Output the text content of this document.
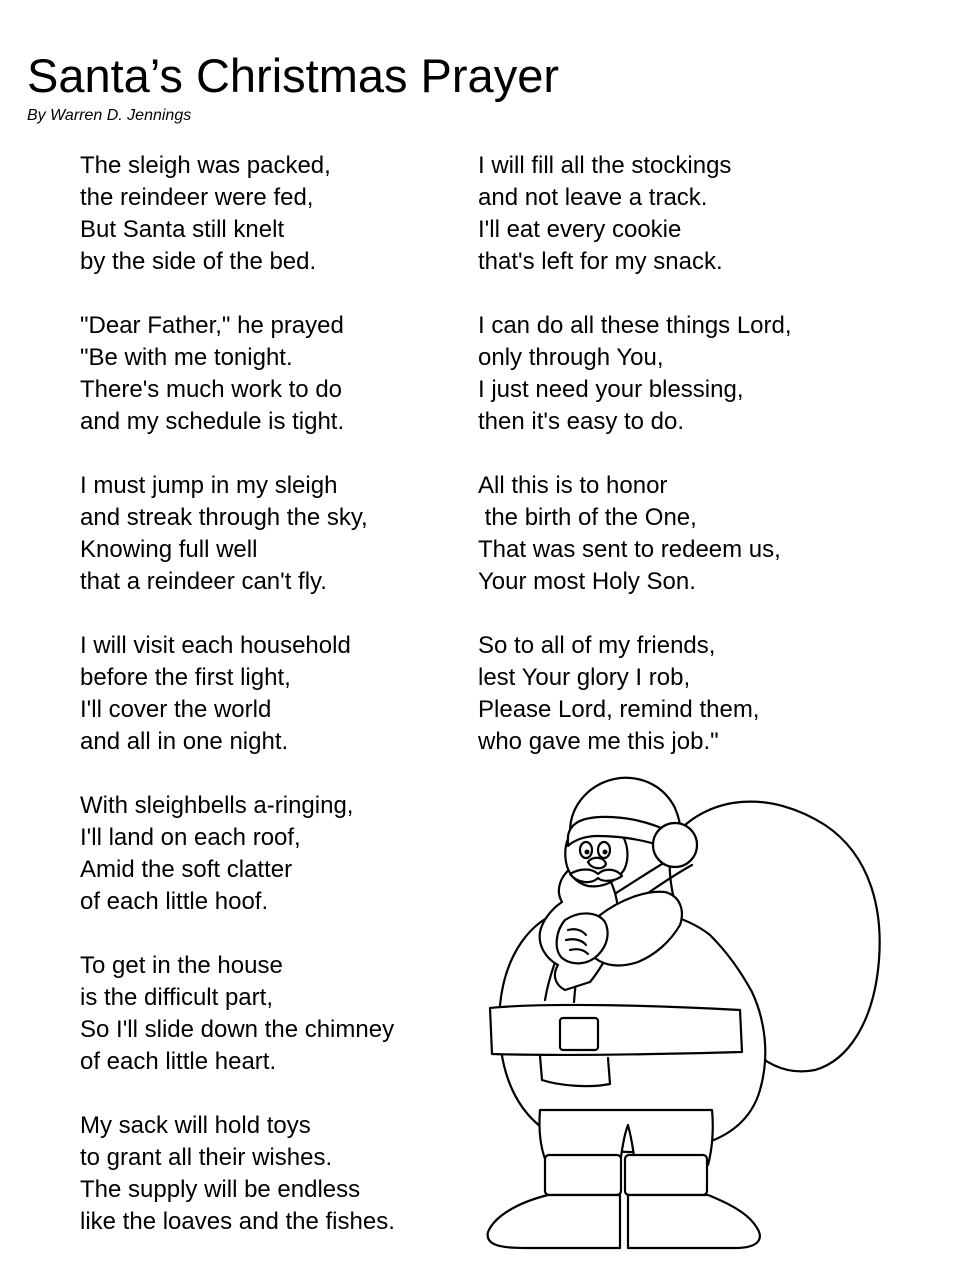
Santa’s Christmas Prayer
By Warren D. Jennings
The sleigh was packed,
the reindeer were fed,
But Santa still knelt
by the side of the bed.
"Dear Father," he prayed
"Be with me tonight.
There's much work to do
and my schedule is tight.
I must jump in my sleigh
and streak through the sky,
Knowing full well
that a reindeer can't fly.
I will visit each household
before the first light,
I'll cover the world
and all in one night.
With sleighbells a-ringing,
I'll land on each roof,
Amid the soft clatter
of each little hoof.
To get in the house
is the difficult part,
So I'll slide down the chimney
of each little heart.
My sack will hold toys
to grant all their wishes.
The supply will be endless
like the loaves and the fishes.
I will fill all the stockings
and not leave a track.
I'll eat every cookie
that's left for my snack.
I can do all these things Lord,
only through You,
I just need your blessing,
then it's easy to do.
All this is to honor
the birth of the One,
That was sent to redeem us,
Your most Holy Son.
So to all of my friends,
lest Your glory I rob,
Please Lord, remind them,
who gave me this job."
